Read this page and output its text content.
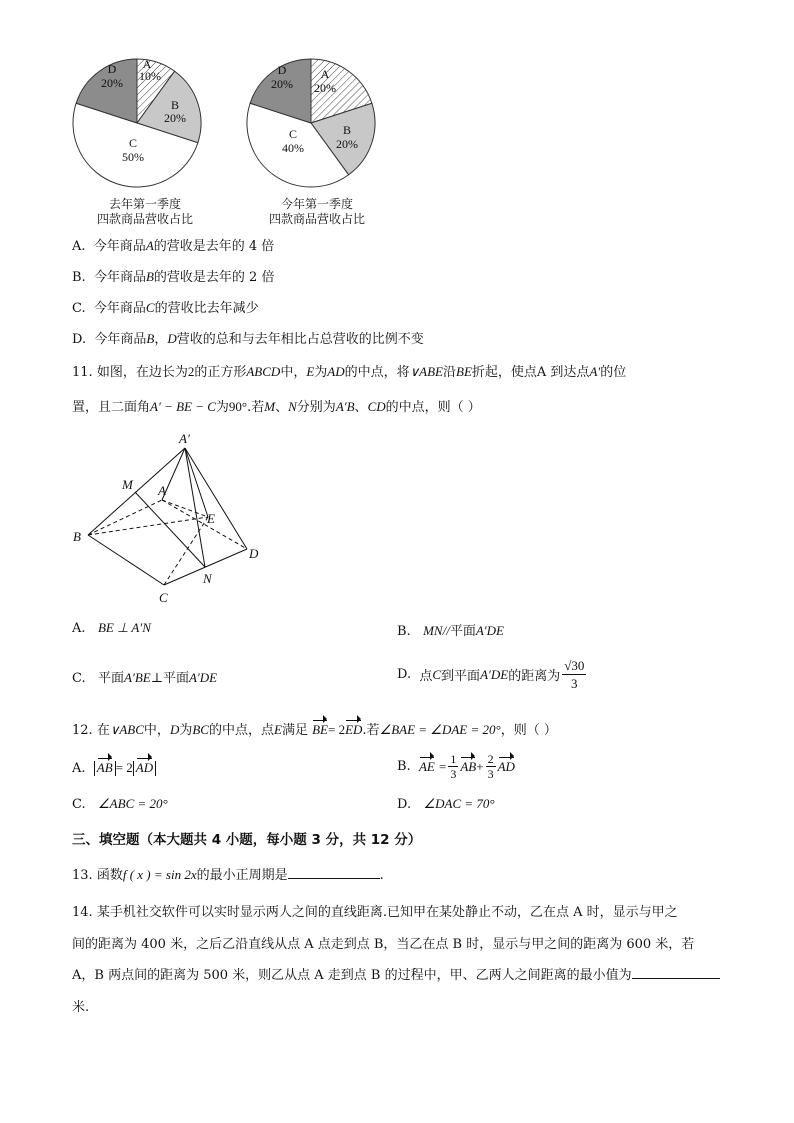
A
10%
B
20%
C
50%
D
20%
A
20%
B
20%
C
40%
D
20%
去年第一季度
四款商品营收占比
今年第一季度
四款商品营收占比
A. 今年商品A的营收是去年的 4 倍
B. 今年商品B的营收是去年的 2 倍
C. 今年商品C的营收比去年减少
D. 今年商品B，D营收的总和与去年相比占总营收的比例不变
11. 如图，在边长为2的正方形ABCD中，E为AD的中点，将∨ABE沿BE折起，使点A 到达点A′的位
置，且二面角A′ − BE − C为90°.若M、N分别为A′B、CD的中点，则（ ）
A′
M A
E
B
D
N
C
A. BE ⊥ A′N	B. MN//平面A′DE
C. 平面A′BE⊥平面A′DE	D.
点 C 到平面 A′DE 的距离为 $\frac{√30}{3}$
12. 在∨ABC中，D为BC的中点，点E满足 BE= 2ED.若∠BAE = ∠DAE = 20°，则（ ）
A. AB = 2 AD	B.
AE
= $\frac{1}{3}$ AB + $\frac{2}{3}$ AD
C. ∠ABC = 20°	D. ∠DAC = 70°
三、填空题（本大题共 4 小题，每小题 3 分，共 12 分）
13. 函数f ( x ) = sin 2x的最小正周期是	.
14. 某手机社交软件可以实时显示两人之间的直线距离.已知甲在某处静止不动，乙在点 A 时，显示与甲之
间的距离为 400 米，之后乙沿直线从点 A 点走到点 B，当乙在点 B 时，显示与甲之间的距离为 600 米，若
A，B 两点间的距离为 500 米，则乙从点 A 走到点 B 的过程中，甲、乙两人之间距离的最小值为
米.
